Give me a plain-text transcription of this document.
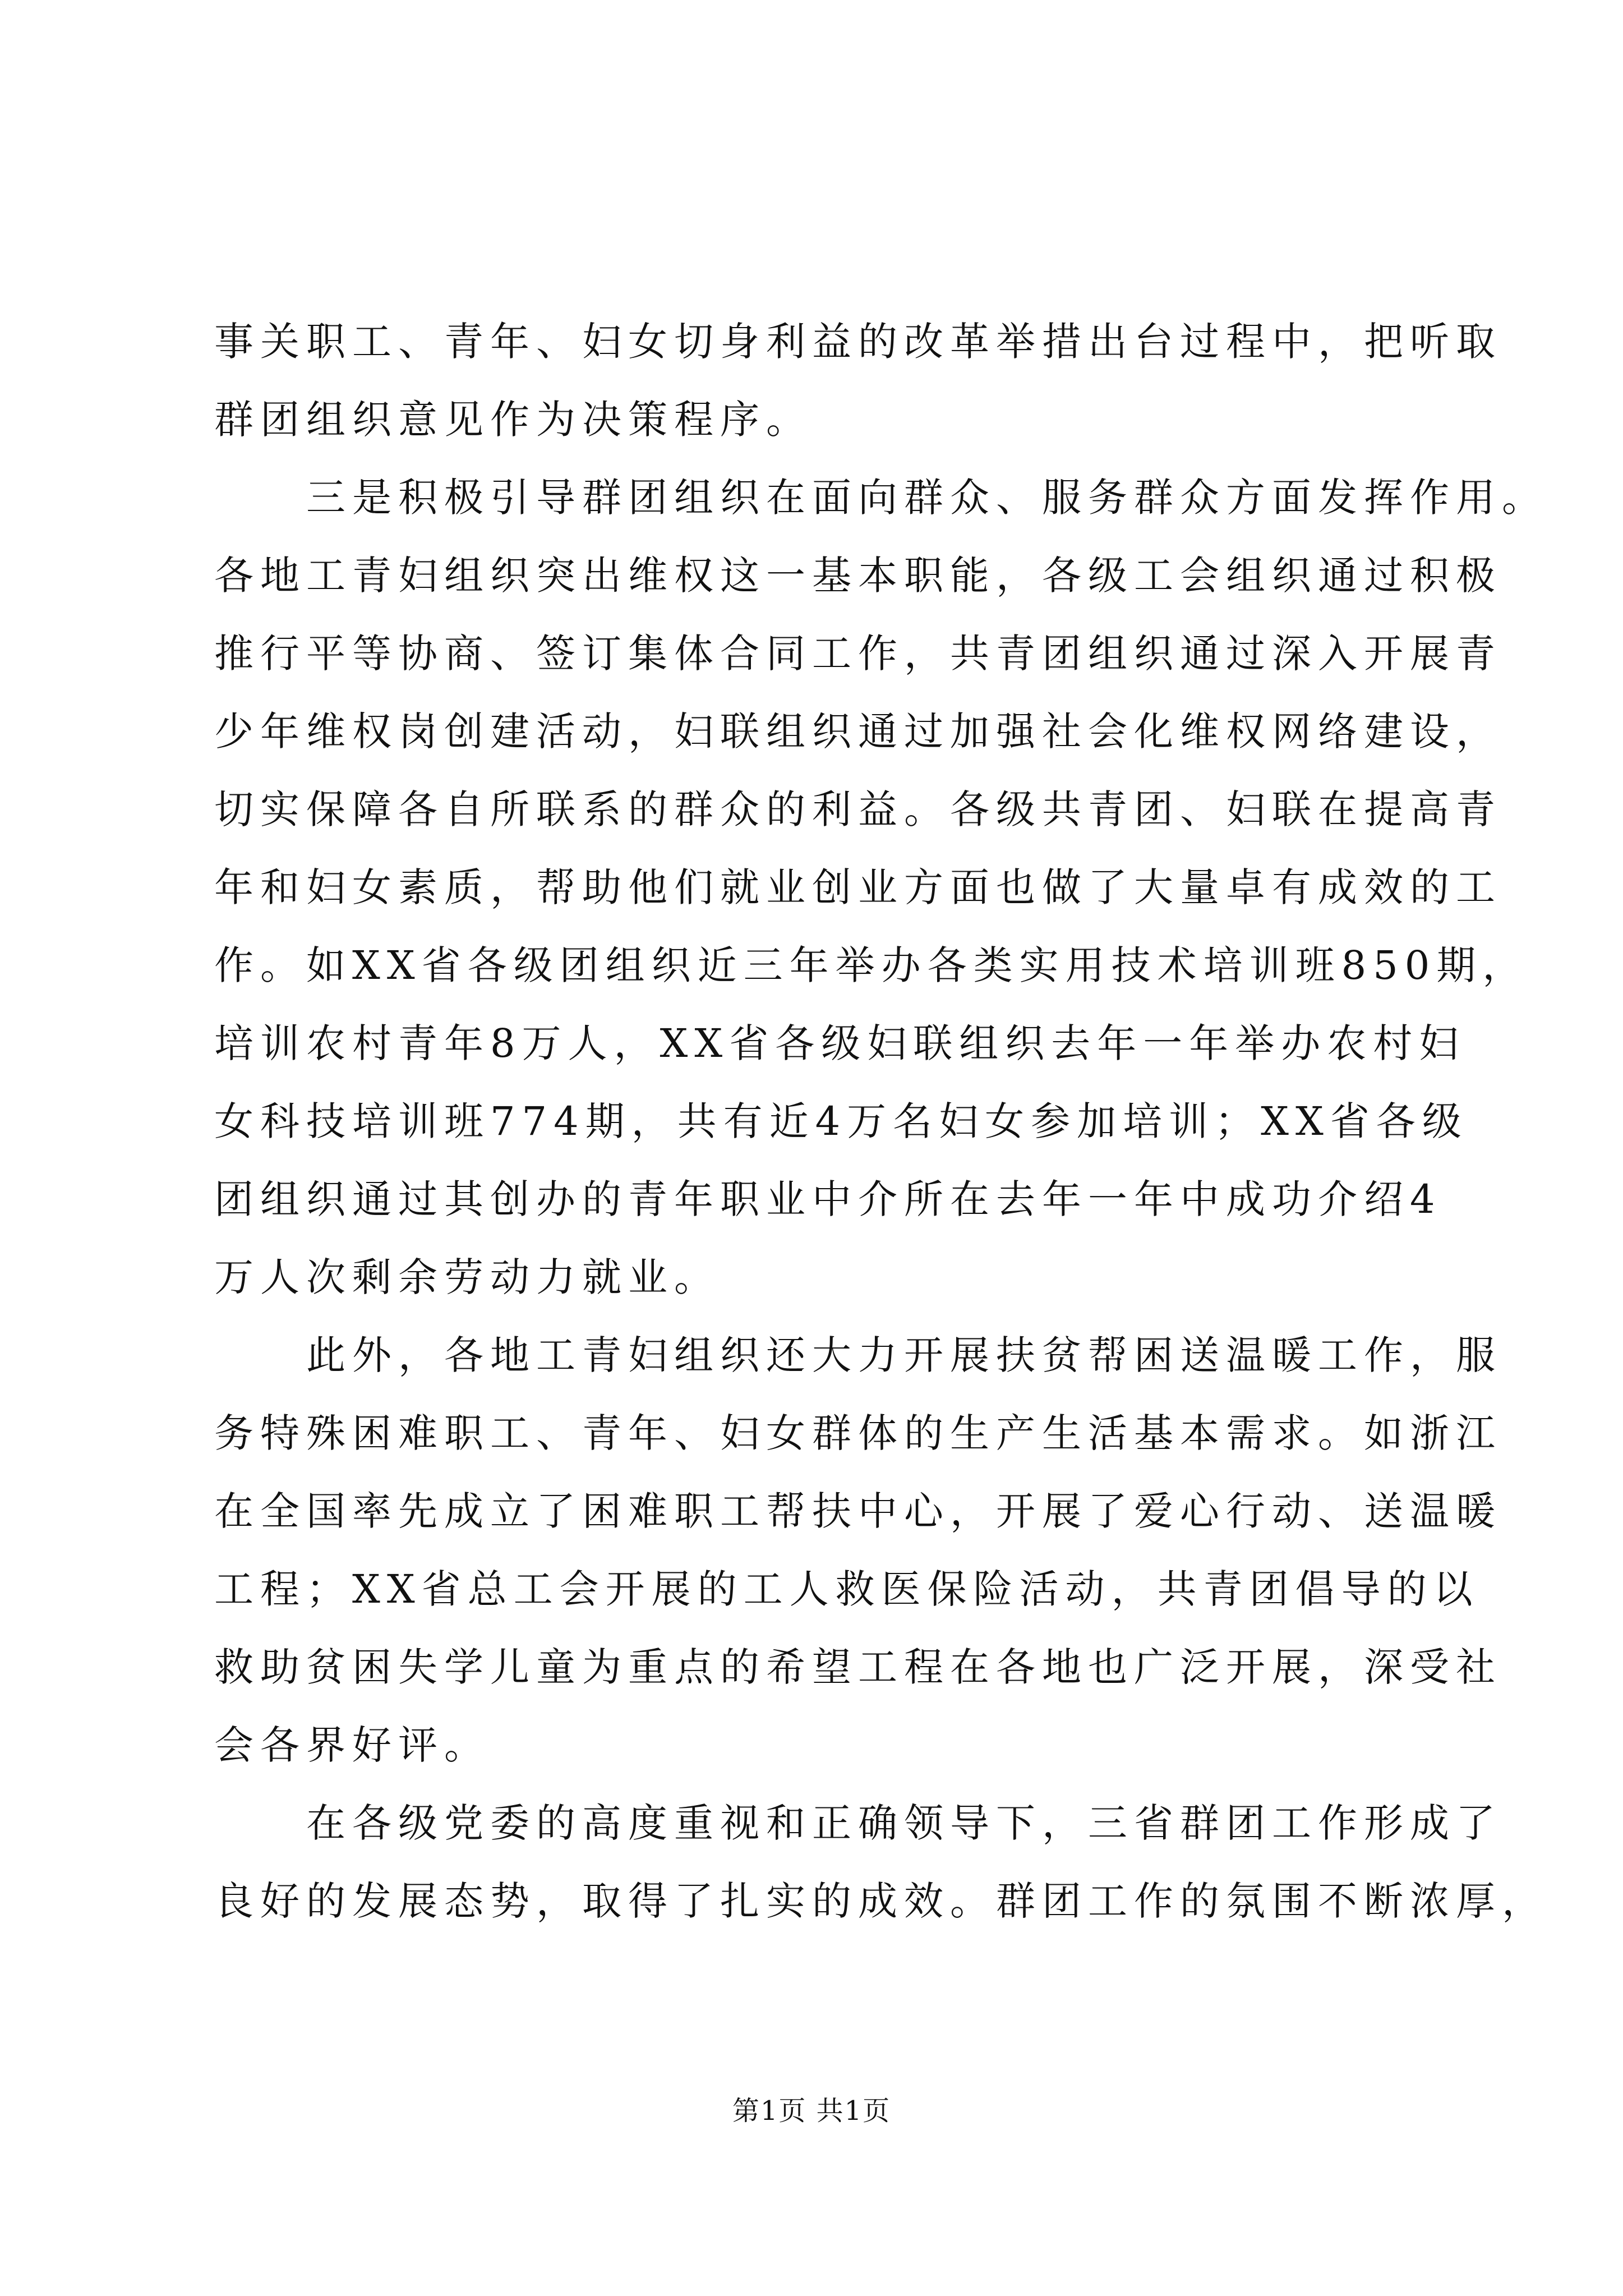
事关职工、青年、妇女切身利益的改革举措出台过程中，把听取
群团组织意见作为决策程序。
　　三是积极引导群团组织在面向群众、服务群众方面发挥作用。
各地工青妇组织突出维权这一基本职能，各级工会组织通过积极
推行平等协商、签订集体合同工作，共青团组织通过深入开展青
少年维权岗创建活动，妇联组织通过加强社会化维权网络建设，
切实保障各自所联系的群众的利益。各级共青团、妇联在提高青
年和妇女素质，帮助他们就业创业方面也做了大量卓有成效的工
作。如XX省各级团组织近三年举办各类实用技术培训班850期，
培训农村青年8万人，XX省各级妇联组织去年一年举办农村妇
女科技培训班774期，共有近4万名妇女参加培训；XX省各级
团组织通过其创办的青年职业中介所在去年一年中成功介绍4
万人次剩余劳动力就业。
　　此外，各地工青妇组织还大力开展扶贫帮困送温暖工作，服
务特殊困难职工、青年、妇女群体的生产生活基本需求。如浙江
在全国率先成立了困难职工帮扶中心，开展了爱心行动、送温暖
工程；XX省总工会开展的工人救医保险活动，共青团倡导的以
救助贫困失学儿童为重点的希望工程在各地也广泛开展，深受社
会各界好评。
　　在各级党委的高度重视和正确领导下，三省群团工作形成了
良好的发展态势，取得了扎实的成效。群团工作的氛围不断浓厚，
第1页 共1页
